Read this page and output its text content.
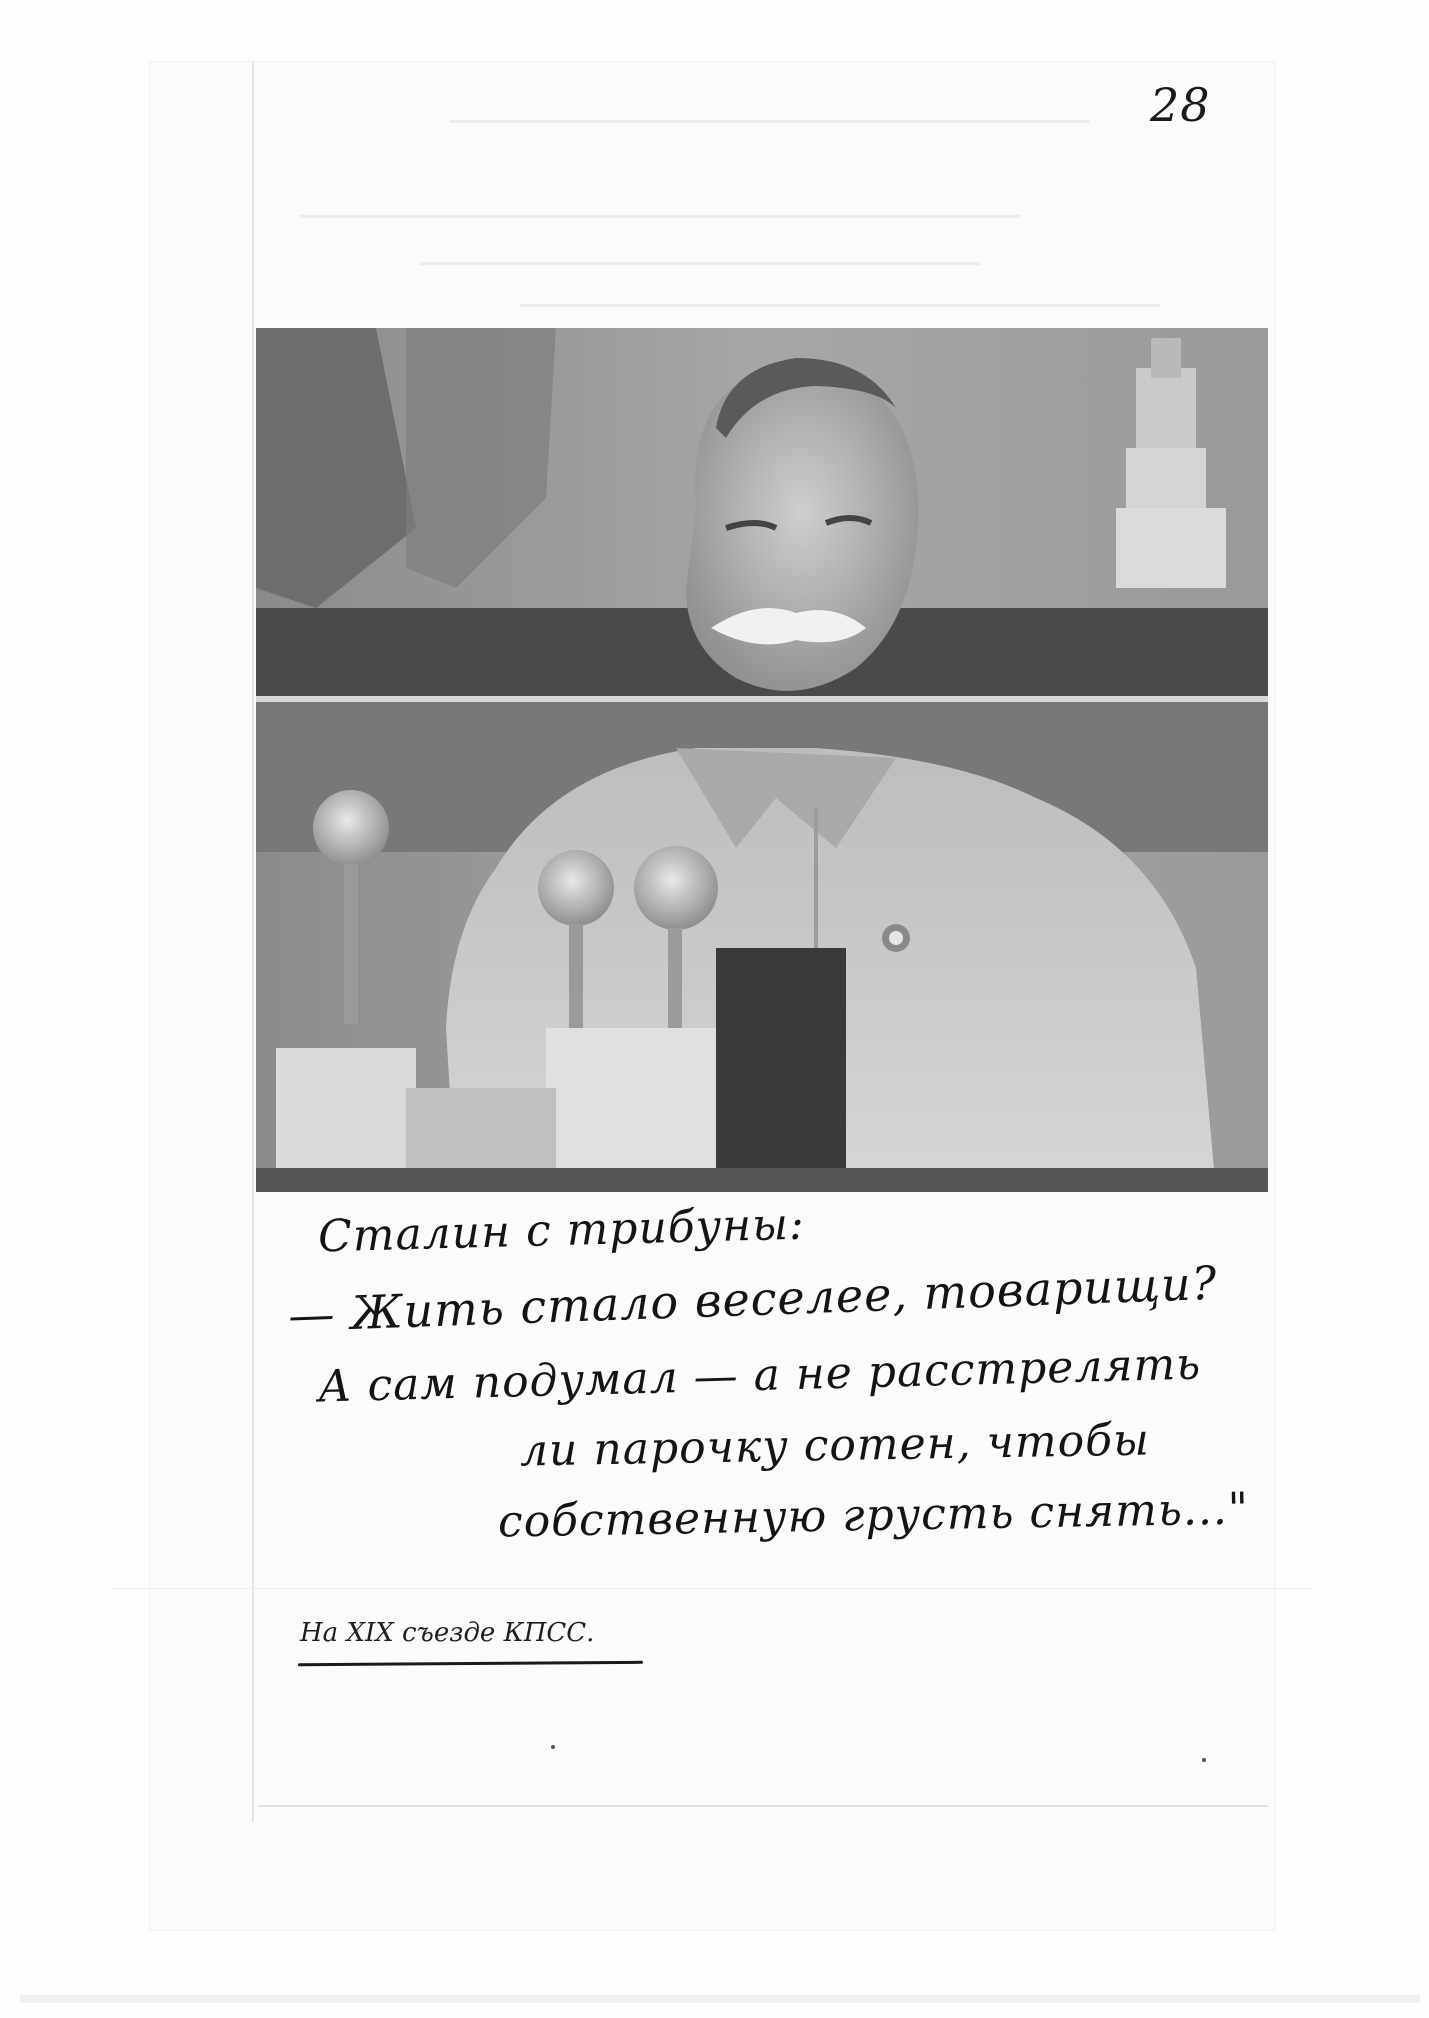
28
Сталин с трибуны:
— Жить стало веселее, товарищи?
А сам подумал — а не расстрелять
ли парочку сотен, чтобы
собственную грусть снять..."
На XIX съезде КПСС.
